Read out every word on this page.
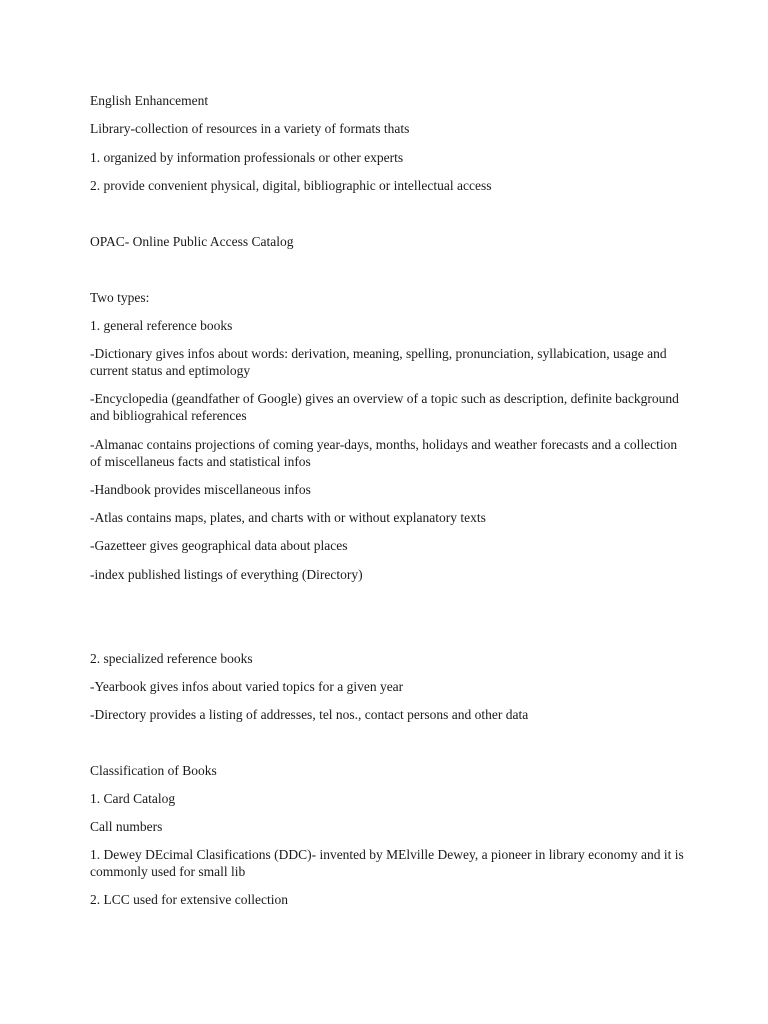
English Enhancement

Library-collection of resources in a variety of formats thats

1. organized by information professionals or other experts

2. provide convenient physical, digital, bibliographic or intellectual access

OPAC- Online Public Access Catalog

Two types:

1. general reference books

-Dictionary gives infos about words: derivation, meaning, spelling, pronunciation, syllabication, usage and current status and eptimology

-Encyclopedia (geandfather of Google) gives an overview of a topic such as description, definite background and bibliograhical references

-Almanac contains projections of coming year-days, months, holidays and weather forecasts and a collection of miscellaneus facts and statistical infos

-Handbook provides miscellaneous infos

-Atlas contains maps, plates, and charts with or without explanatory texts

-Gazetteer gives geographical data about places

-index published listings of everything (Directory)

2. specialized reference books

-Yearbook gives infos about varied topics for a given year

-Directory provides a listing of addresses, tel nos., contact persons and other data

Classification of Books

1. Card Catalog

Call numbers

1. Dewey DEcimal Clasifications (DDC)- invented by MElville Dewey, a pioneer in library economy and it is commonly used for small lib

2. LCC used for extensive collection
